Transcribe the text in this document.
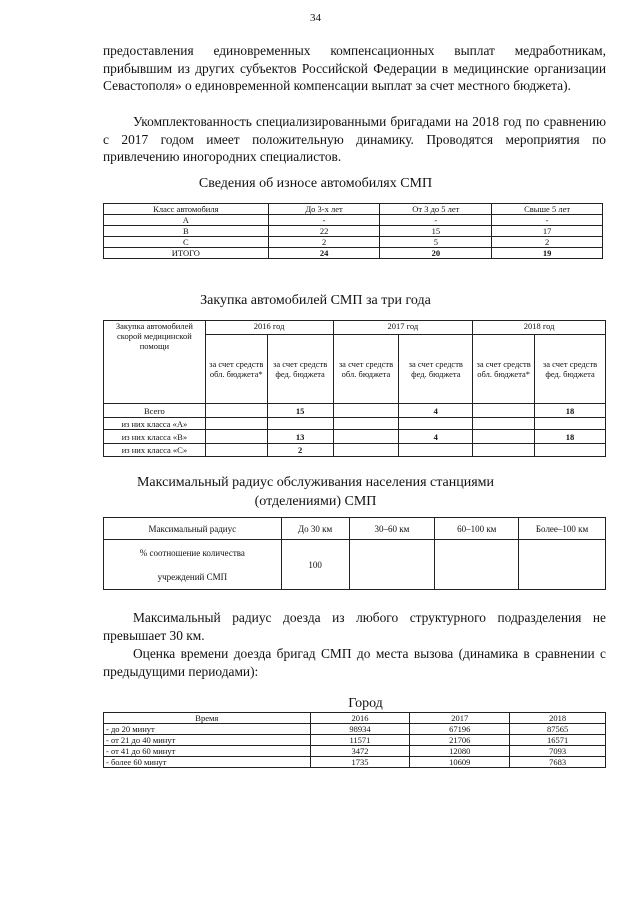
34

предоставления единовременных компенсационных выплат медработникам, прибывшим из других субъектов Российской Федерации в медицинские организации Севастополя» о единовременной компенсации выплат за счет местного бюджета).

Укомплектованность специализированными бригадами на 2018 год по сравнению с 2017 годом имеет положительную динамику. Проводятся мероприятия по привлечению иногородних специалистов.

Сведения об износе автомобилях СМП
Класс автомобиля	До 3-х лет	От 3 до 5 лет	Свыше 5 лет
A	-	-	-
B	22	15	17
C	2	5	2
ИТОГО	24	20	19
Закупка автомобилей СМП за три года
Закупка автомобилей скорой медицинской помощи	2016 год		2017 год		2018 год	
	за счет средств обл. бюджета*	за счет средств фед. бюджета	за счет средств обл. бюджета	за счет средств фед. бюджета	за счет средств обл. бюджета*	за счет средств фед. бюджета
Всего		15		4		18
из них класса «А»						
из них класса «В»		13		4		18
из них класса «С»		2				
Максимальный радиус обслуживания населения станциями
(отделениями) СМП
Максимальный радиус	До 30 км	30–60 км	60–100 км	Более–100 км

% соотношение количества
учреждений СМП	100			

Максимальный радиус доезда из любого структурного подразделения не превышает 30 км.

Оценка времени доезда бригад СМП до места вызова (динамика в сравнении с предыдущими периодами):

Город
Время	2016	2017	2018
- до 20 минут	98934	67196	87565
- от 21 до 40 минут	11571	21706	16571
- от 41 до 60 минут	3472	12080	7093
- более 60 минут	1735	10609	7683
